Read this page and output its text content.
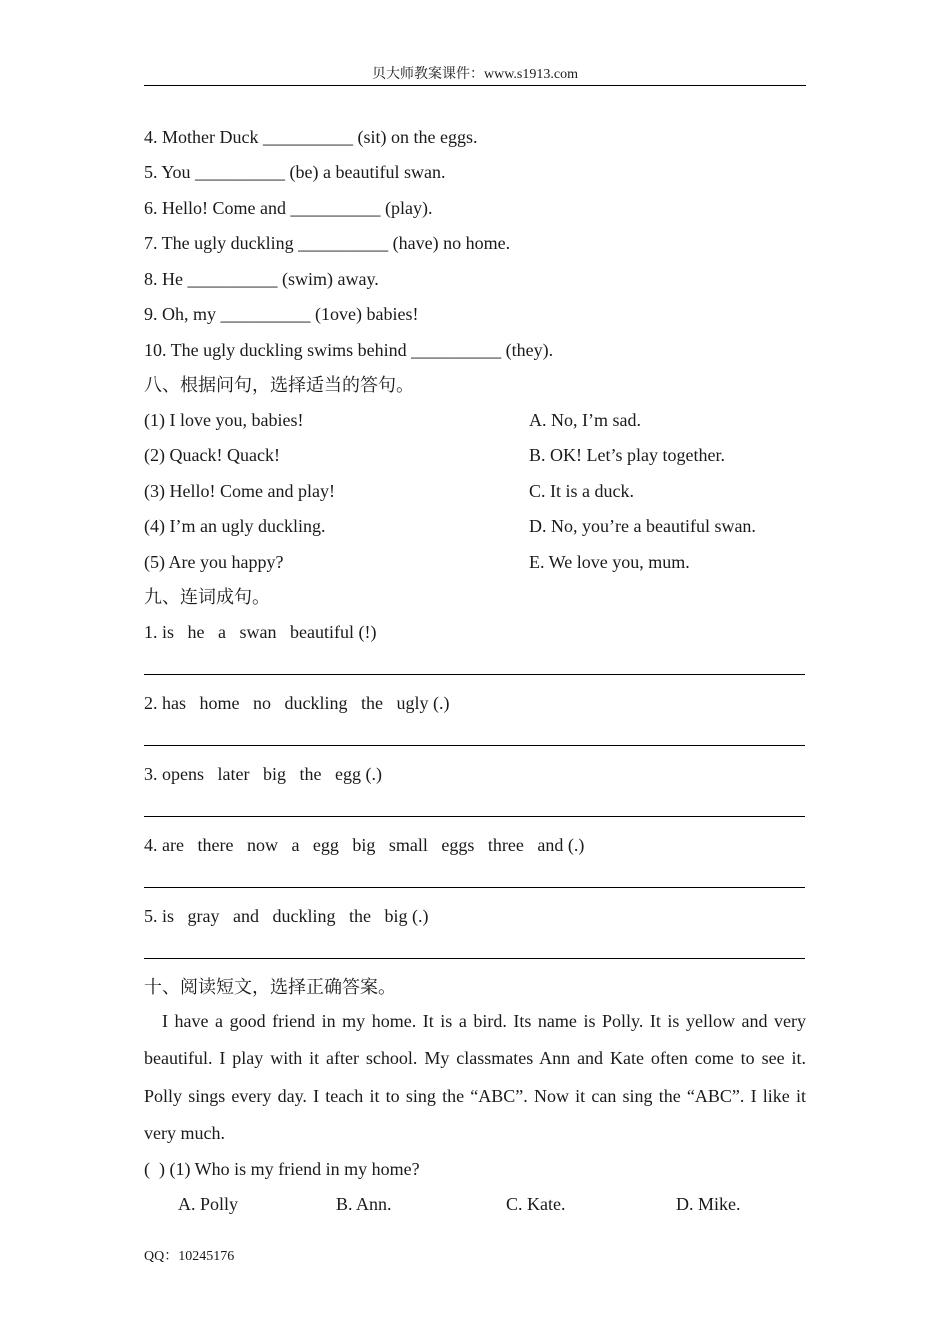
贝大师教案课件：www.s1913.com
4. Mother Duck __________ (sit) on the eggs.
5. You __________ (be) a beautiful swan.
6. Hello! Come and __________ (play).
7. The ugly duckling __________ (have) no home.
8. He __________ (swim) away.
9. Oh, my __________ (1ove) babies!
10. The ugly duckling swims behind __________ (they).
八、根据问句，选择适当的答句。
(1) I love you, babies!	A. No, I’m sad.
(2) Quack! Quack!	B. OK! Let’s play together.
(3) Hello! Come and play!	C. It is a duck.
(4) I’m an ugly duckling.	D. No, you’re a beautiful swan.
(5) Are you happy?	E. We love you, mum.
九、连词成句。
1. is   he   a   swan   beautiful (!)
2. has   home   no   duckling   the   ugly (.)
3. opens   later   big   the   egg (.)
4. are   there   now   a   egg   big   small   eggs   three   and (.)
5. is   gray   and   duckling   the   big (.)
十、阅读短文，选择正确答案。
I have a good friend in my home. It is a bird. Its name is Polly. It is yellow and very beautiful. I play with it after school. My classmates Ann and Kate often come to see it. Polly sings every day. I teach it to sing the “ABC”. Now it can sing the “ABC”. I like it very much.
(  ) (1) Who is my friend in my home?
A. Polly	B. Ann.	C. Kate.	D. Mike.
QQ：10245176
